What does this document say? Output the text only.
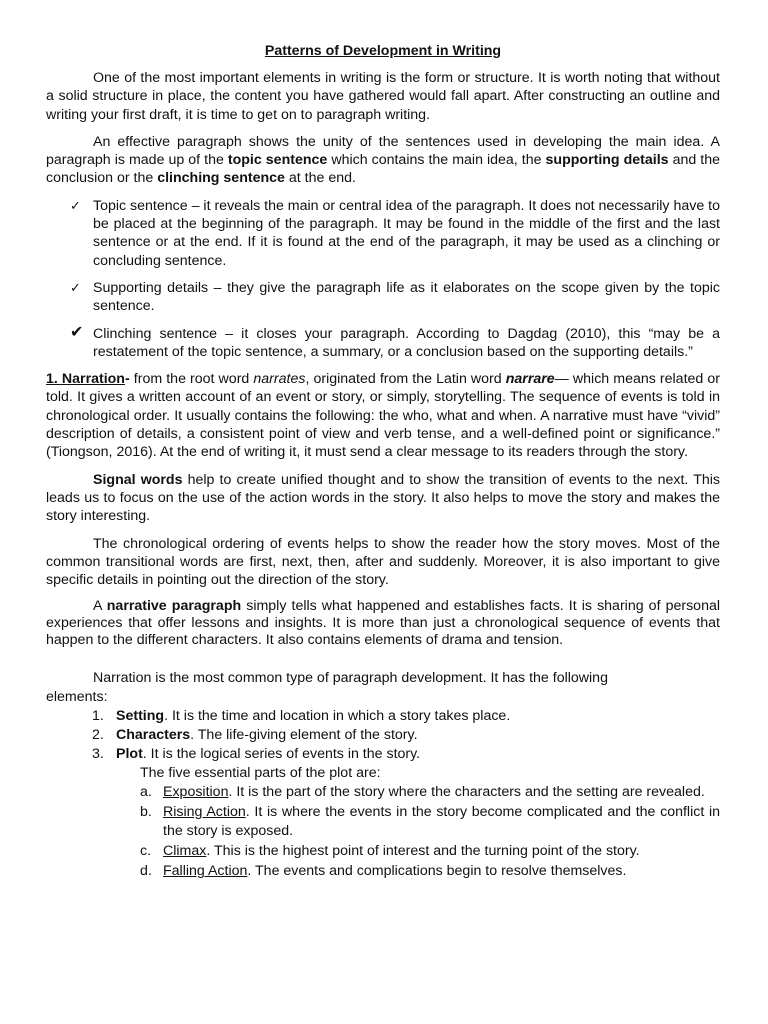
Patterns of Development in Writing

One of the most important elements in writing is the form or structure. It is worth noting that without a solid structure in place, the content you have gathered would fall apart. After constructing an outline and writing your first draft, it is time to get on to paragraph writing.

An effective paragraph shows the unity of the sentences used in developing the main idea. A paragraph is made up of the topic sentence which contains the main idea, the supporting details and the conclusion or the clinching sentence at the end.

✓ Topic sentence – it reveals the main or central idea of the paragraph. It does not necessarily have to be placed at the beginning of the paragraph. It may be found in the middle of the first and the last sentence or at the end. If it is found at the end of the paragraph, it may be used as a clinching or concluding sentence.
✓ Supporting details – they give the paragraph life as it elaborates on the scope given by the topic sentence.
✔ Clinching sentence – it closes your paragraph. According to Dagdag (2010), this “may be a restatement of the topic sentence, a summary, or a conclusion based on the supporting details.”

1. Narration- from the root word narrates, originated from the Latin word narrare— which means related or told. It gives a written account of an event or story, or simply, storytelling. The sequence of events is told in chronological order. It usually contains the following: the who, what and when. A narrative must have “vivid” description of details, a consistent point of view and verb tense, and a well-defined point or significance.” (Tiongson, 2016). At the end of writing it, it must send a clear message to its readers through the story.

Signal words help to create unified thought and to show the transition of events to the next. This leads us to focus on the use of the action words in the story. It also helps to move the story and makes the story interesting.

The chronological ordering of events helps to show the reader how the story moves. Most of the common transitional words are first, next, then, after and suddenly. Moreover, it is also important to give specific details in pointing out the direction of the story.

A narrative paragraph simply tells what happened and establishes facts. It is sharing of personal experiences that offer lessons and insights. It is more than just a chronological sequence of events that happen to the different characters. It also contains elements of drama and tension.

Narration is the most common type of paragraph development. It has the following

elements:

1. Setting. It is the time and location in which a story takes place.
2. Characters. The life-giving element of the story.
3. Plot. It is the logical series of events in the story.

The five essential parts of the plot are:

a. Exposition. It is the part of the story where the characters and the setting are revealed.
b. Rising Action. It is where the events in the story become complicated and the conflict in the story is exposed.
c. Climax. This is the highest point of interest and the turning point of the story.
d. Falling Action. The events and complications begin to resolve themselves.
